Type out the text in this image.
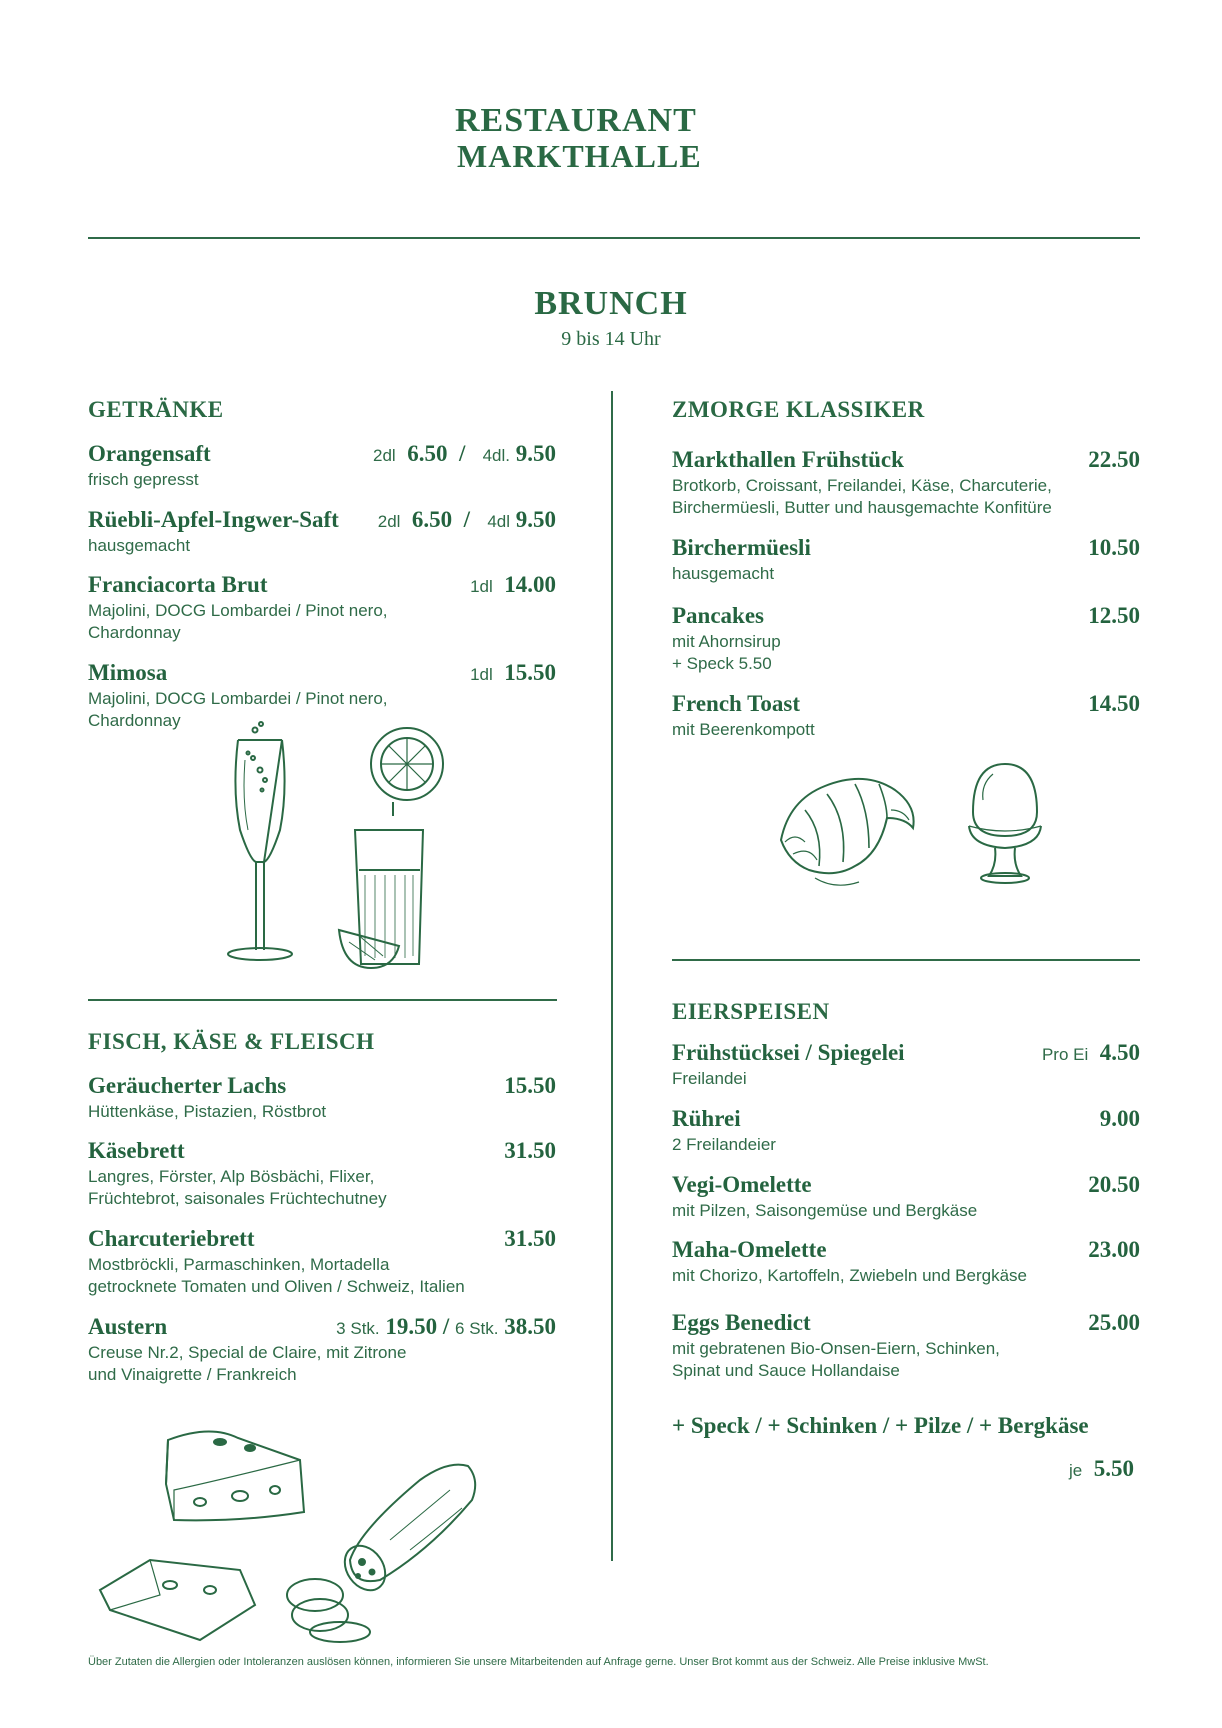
RESTAURANT
MARKTHALLE
BRUNCH
9 bis 14 Uhr
GETRÄNKE
Orangensaft	2dl 6.50 / 4dl. 9.50
frisch gepresst
Rüebli-Apfel-Ingwer-Saft 2dl 6.50 / 4dl 9.50
hausgemacht
Franciacorta Brut	1dl 14.00
Majolini, DOCG Lombardei / Pinot nero,
Chardonnay
Mimosa	1dl 15.50
Majolini, DOCG Lombardei / Pinot nero,
Chardonnay
FISCH, KÄSE & FLEISCH
Geräucherter Lachs	15.50
Hüttenkäse, Pistazien, Röstbrot
Käsebrett	31.50
Langres, Förster, Alp Bösbächi, Flixer,
Früchtebrot, saisonales Früchtechutney
Charcuteriebrett	31.50
Mostbröckli, Parmaschinken, Mortadella
getrocknete Tomaten und Oliven / Schweiz, Italien
Austern	3 Stk. 19.50 / 6 Stk. 38.50
Creuse Nr.2, Special de Claire, mit Zitrone
und Vinaigrette / Frankreich
ZMORGE KLASSIKER
Markthallen Frühstück	22.50
Brotkorb, Croissant, Freilandei, Käse, Charcuterie,
Birchermüesli, Butter und hausgemachte Konfitüre
Birchermüesli	10.50
hausgemacht
Pancakes	12.50
mit Ahornsirup
+ Speck 5.50
French Toast	14.50
mit Beerenkompott
EIERSPEISEN
Frühstücksei / Spiegelei	Pro Ei 4.50
Freilandei
Rührei	9.00
2 Freilandeier
Vegi-Omelette	20.50
mit Pilzen, Saisongemüse und Bergkäse
Maha-Omelette	23.00
mit Chorizo, Kartoffeln, Zwiebeln und Bergkäse
Eggs Benedict	25.00
mit gebratenen Bio-Onsen-Eiern, Schinken,
Spinat und Sauce Hollandaise
+ Speck / + Schinken / + Pilze / + Bergkäse
je 5.50
Über Zutaten die Allergien oder Intoleranzen auslösen können, informieren Sie unsere Mitarbeitenden auf Anfrage gerne. Unser Brot kommt aus der Schweiz. Alle Preise inklusive MwSt.
